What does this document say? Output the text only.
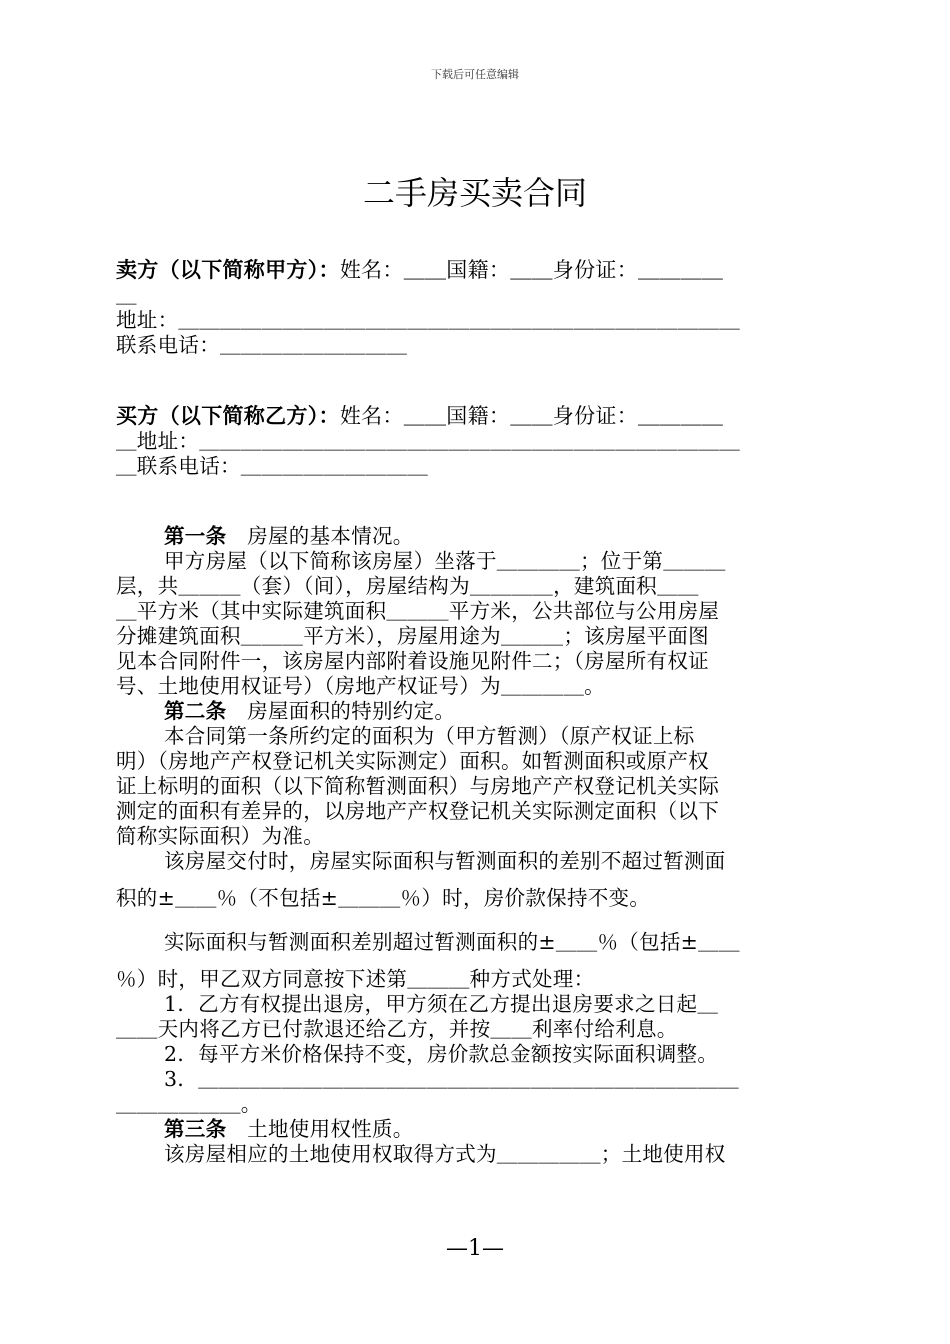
下载后可任意编辑
二手房买卖合同
卖方（以下简称甲方）：姓名：＿＿国籍：＿＿身份证：＿＿＿＿
＿
地址：＿＿＿＿＿＿＿＿＿＿＿＿＿＿＿＿＿＿＿＿＿＿＿＿＿＿＿
联系电话：＿＿＿＿＿＿＿＿＿
买方（以下简称乙方）：姓名：＿＿国籍：＿＿身份证：＿＿＿＿
＿地址：＿＿＿＿＿＿＿＿＿＿＿＿＿＿＿＿＿＿＿＿＿＿＿＿＿＿
＿联系电话：＿＿＿＿＿＿＿＿＿
第一条　房屋的基本情况。
甲方房屋（以下简称该房屋）坐落于＿＿＿＿；位于第＿＿＿
层，共＿＿＿（套）（间），房屋结构为＿＿＿＿，建筑面积＿＿
＿平方米（其中实际建筑面积＿＿＿平方米，公共部位与公用房屋
分摊建筑面积＿＿＿平方米），房屋用途为＿＿＿；该房屋平面图
见本合同附件一，该房屋内部附着设施见附件二；（房屋所有权证
号、土地使用权证号）（房地产权证号）为＿＿＿＿。
第二条　房屋面积的特别约定。
本合同第一条所约定的面积为（甲方暂测）（原产权证上标
明）（房地产产权登记机关实际测定）面积。如暂测面积或原产权
证上标明的面积（以下简称暂测面积）与房地产产权登记机关实际
测定的面积有差异的，以房地产产权登记机关实际测定面积（以下
简称实际面积）为准。
该房屋交付时，房屋实际面积与暂测面积的差别不超过暂测面
积的±＿＿％（不包括±＿＿＿％）时，房价款保持不变。
实际面积与暂测面积差别超过暂测面积的±＿＿％（包括±＿＿
％）时，甲乙双方同意按下述第＿＿＿种方式处理：
1．乙方有权提出退房，甲方须在乙方提出退房要求之日起＿
＿＿天内将乙方已付款退还给乙方，并按＿＿利率付给利息。
2．每平方米价格保持不变，房价款总金额按实际面积调整。
3．＿＿＿＿＿＿＿＿＿＿＿＿＿＿＿＿＿＿＿＿＿＿＿＿＿＿
＿＿＿＿＿＿。
第三条　土地使用权性质。
该房屋相应的土地使用权取得方式为＿＿＿＿＿；土地使用权
—1—
